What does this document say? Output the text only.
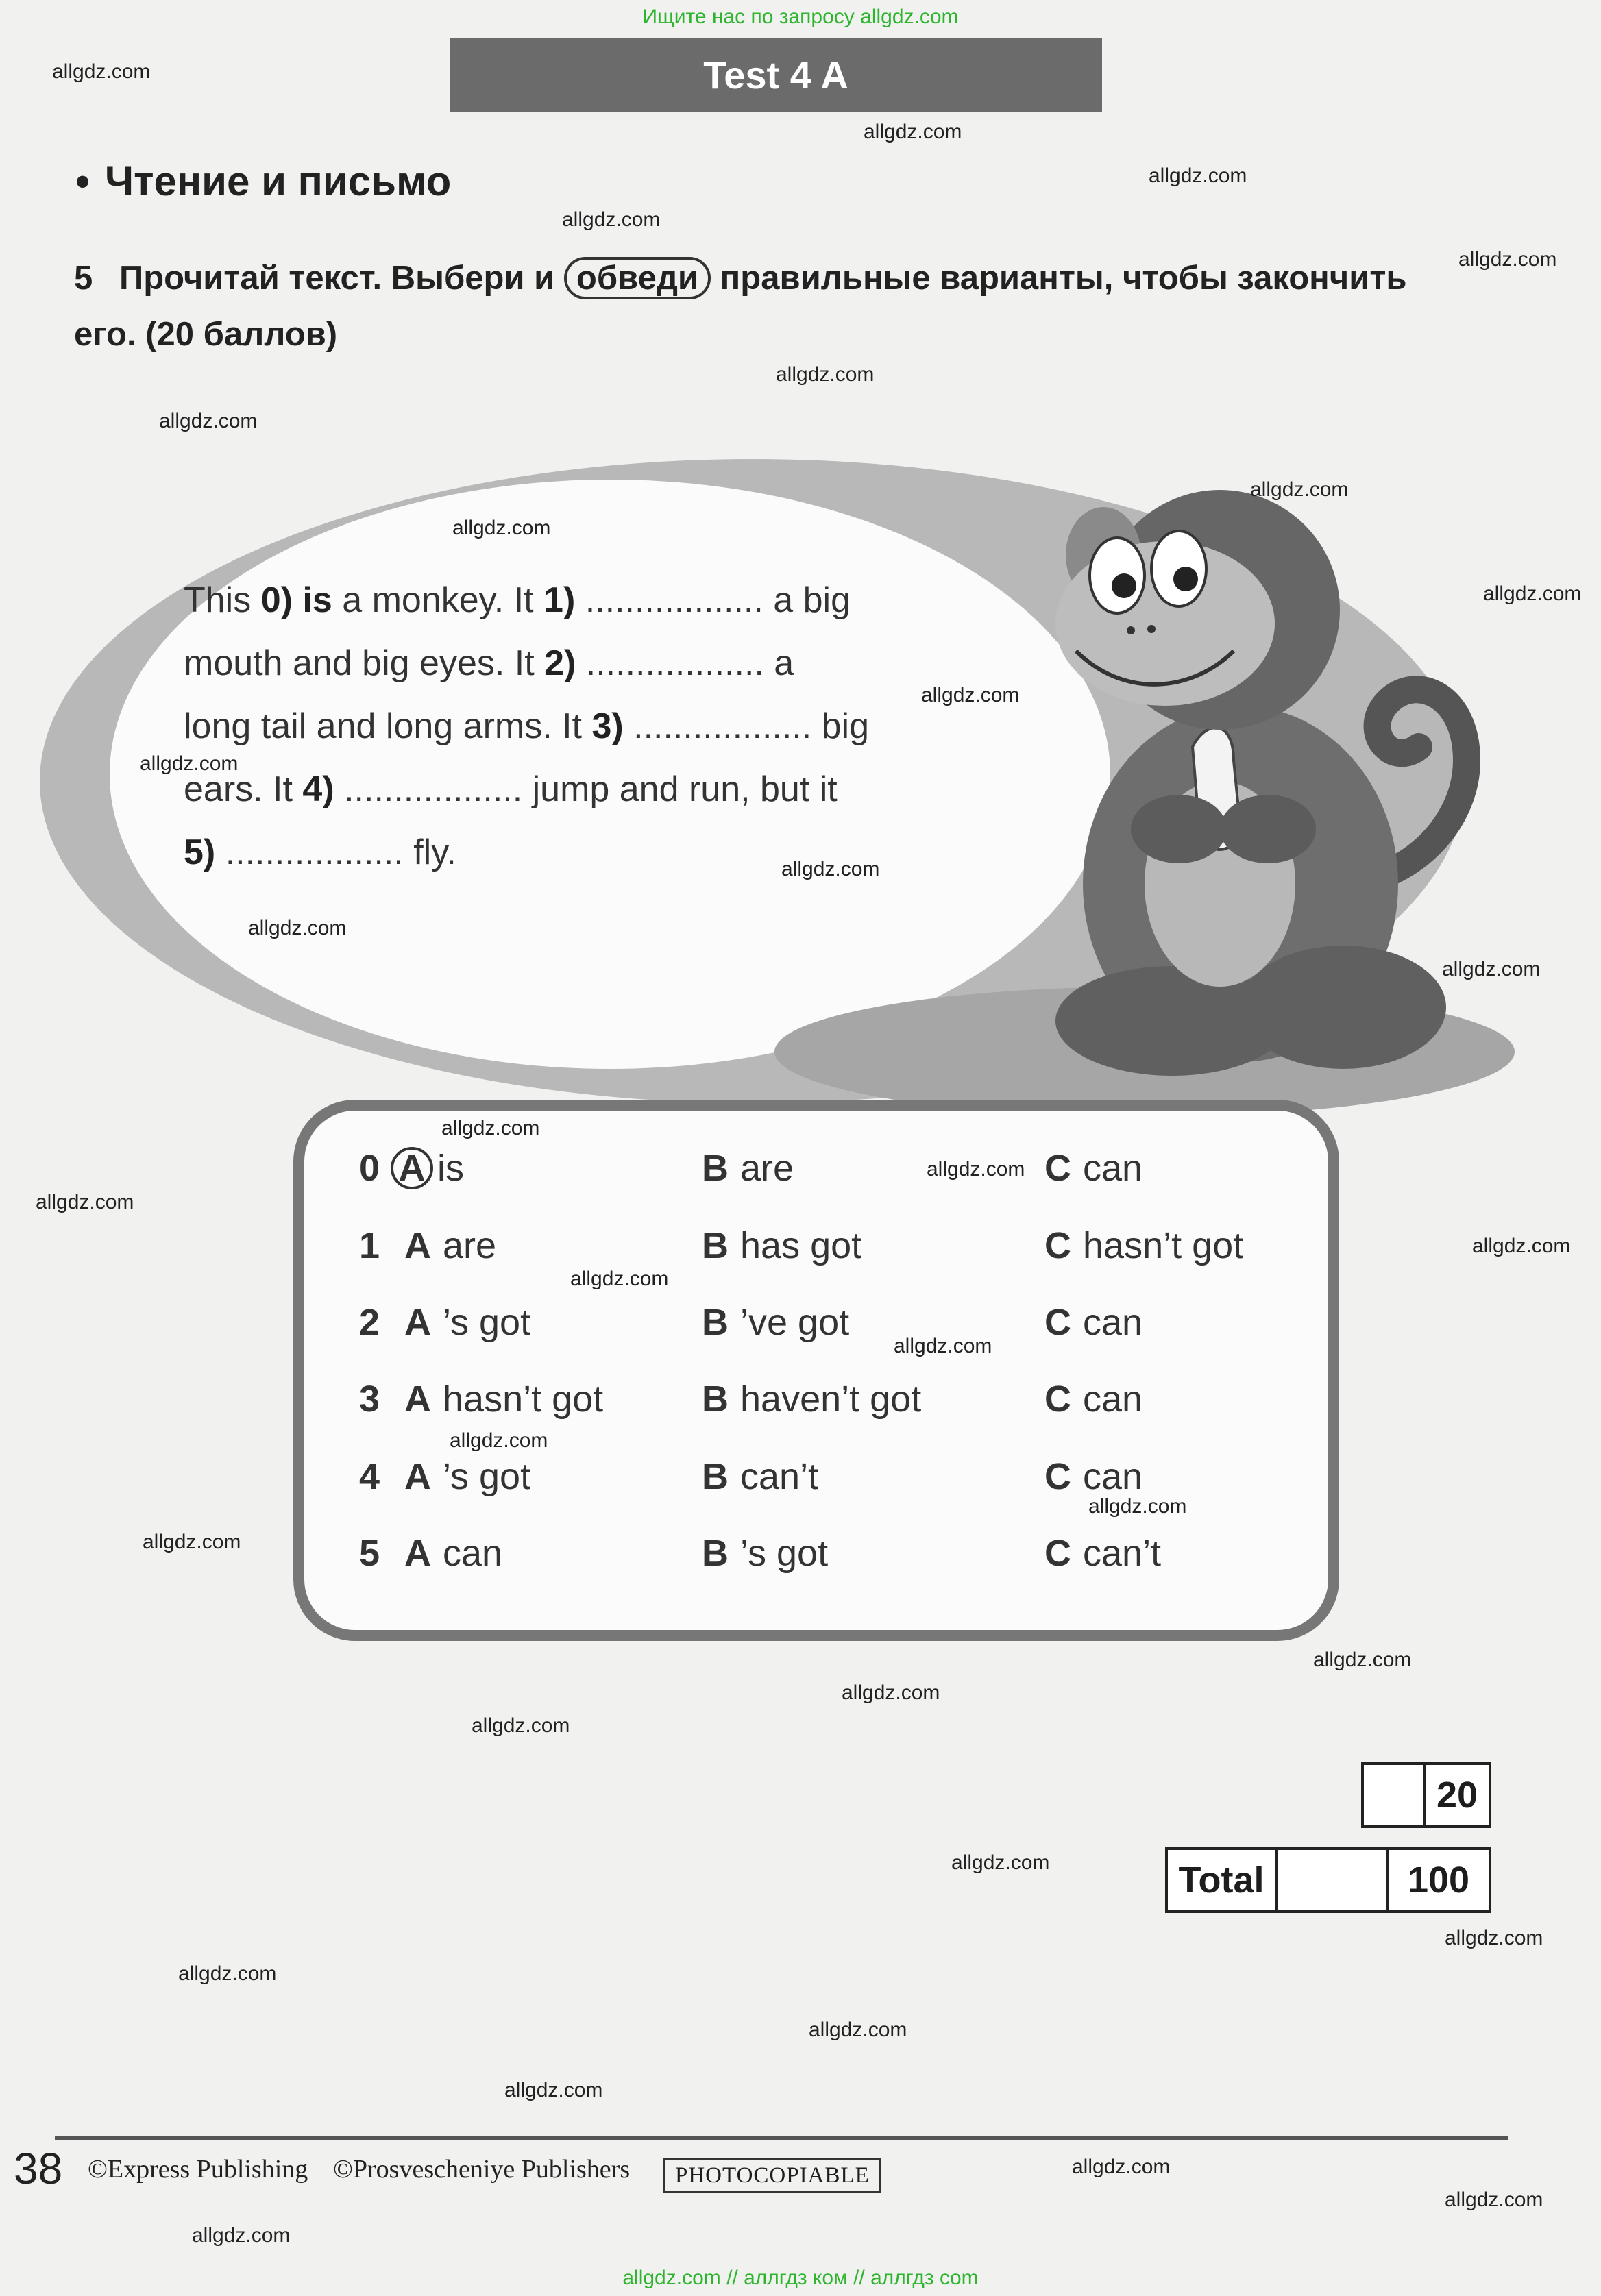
Ищите нас по запросу allgdz.com
Test 4 A
• Чтение и письмо
5 Прочитай текст. Выбери и обведи правильные варианты, чтобы закончить его. (20 баллов)
This 0) is a monkey. It 1) .................. a big
mouth and big eyes. It 2) .................. a
long tail and long arms. It 3) .................. big
ears. It 4) .................. jump and run, but it
5) .................. fly.
0 A is	B are	C can
1 A are	B has got	C hasn’t got
2 A ’s got	B ’ve got	C can
3 A hasn’t got	B haven’t got	C can
4 A ’s got	B can’t	C can
5 A can	B ’s got	C can’t
20
Total	100
38 ©Express Publishing ©Prosvescheniye Publishers	PHOTOCOPIABLE
allgdz.com
allgdz.com
allgdz.com
allgdz.com
allgdz.com
allgdz.com
allgdz.com
allgdz.com
allgdz.com
allgdz.com
allgdz.com
allgdz.com
allgdz.com
allgdz.com
allgdz.com
allgdz.com
allgdz.com
allgdz.com
allgdz.com
allgdz.com
allgdz.com
allgdz.com
allgdz.com
allgdz.com
allgdz.com
allgdz.com
allgdz.com
allgdz.com
allgdz.com
allgdz.com
allgdz.com
allgdz.com
allgdz.com
allgdz.com
allgdz.com
allgdz.com // аллгдз ком // аллгдз com
